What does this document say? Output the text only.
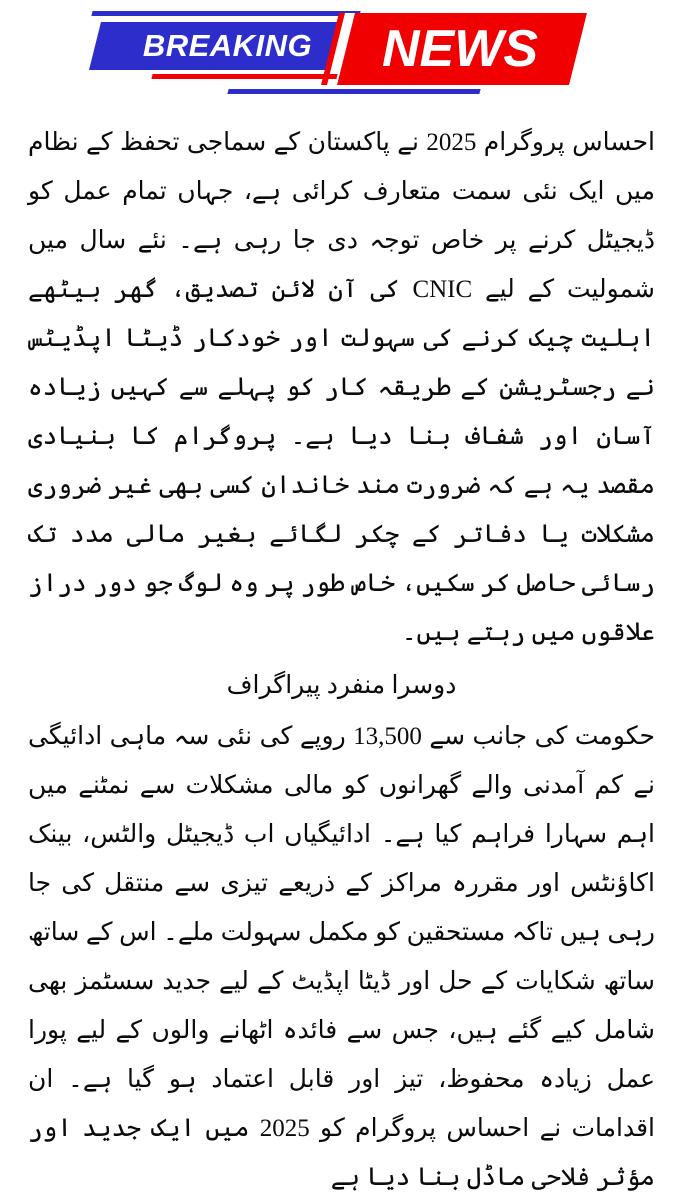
BREAKING	NEWS

احساس پروگرام 2025 نے پاکستان کے سماجی تحفظ کے نظام میں ایک نئی سمت متعارف کرائی ہے، جہاں تمام عمل کو ڈیجیٹل کرنے پر خاص توجہ دی جا رہی ہے۔ نئے سال میں شمولیت کے لیے CNIC کی آن لائن تصدیق، گھر بیٹھے اہلیت چیک کرنے کی سہولت اور خودکار ڈیٹا اپڈیٹس نے رجسٹریشن کے طریقہ کار کو پہلے سے کہیں زیادہ آسان اور شفاف بنا دیا ہے۔ پروگرام کا بنیادی مقصد یہ ہے کہ ضرورت مند خاندان کسی بھی غیر ضروری مشکلات یا دفاتر کے چکر لگائے بغیر مالی مدد تک رسائی حاصل کر سکیں، خاص طور پر وہ لوگ جو دور دراز علاقوں میں رہتے ہیں۔

دوسرا منفرد پیراگراف

حکومت کی جانب سے 13,500 روپے کی نئی سہ ماہی ادائیگی نے کم آمدنی والے گھرانوں کو مالی مشکلات سے نمٹنے میں اہم سہارا فراہم کیا ہے۔ ادائیگیاں اب ڈیجیٹل والٹس، بینک اکاؤنٹس اور مقررہ مراکز کے ذریعے تیزی سے منتقل کی جا رہی ہیں تاکہ مستحقین کو مکمل سہولت ملے۔ اس کے ساتھ ساتھ شکایات کے حل اور ڈیٹا اپڈیٹ کے لیے جدید سسٹمز بھی شامل کیے گئے ہیں، جس سے فائدہ اٹھانے والوں کے لیے پورا عمل زیادہ محفوظ، تیز اور قابل اعتماد ہو گیا ہے۔ ان اقدامات نے احساس پروگرام کو 2025 میں ایک جدید اور مؤثر فلاحی ماڈل بنا دیا ہے
